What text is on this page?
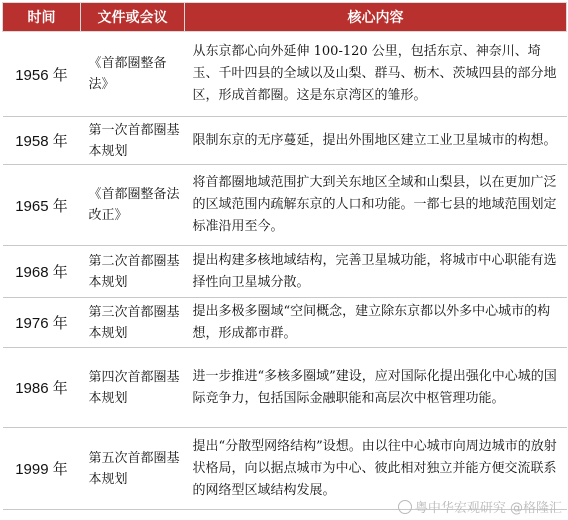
时间	文件或会议	核心内容
1956 年	《首都圈整备法》	从东京都心向外延伸 100-120 公里，包括东京、神奈川、埼玉、千叶四县的全域以及山梨、群马、枥木、茨城四县的部分地区，形成首都圈。这是东京湾区的雏形。
1958 年	第一次首都圈基本规划	限制东京的无序蔓延，提出外围地区建立工业卫星城市的构想。
1965 年	《首都圈整备法改正》	将首都圈地域范围扩大到关东地区全域和山梨县，以在更加广泛的区域范围内疏解东京的人口和功能。一都七县的地域范围划定标准沿用至今。
1968 年	第二次首都圈基本规划	提出构建多核地域结构，完善卫星城功能，将城市中心职能有选择性向卫星城分散。
1976 年	第三次首都圈基本规划	提出多极多圈域“空间概念，建立除东京都以外多中心城市的构想，形成都市群。
1986 年	第四次首都圈基本规划	进一步推进“多核多圈域”建设，应对国际化提出强化中心城的国际竞争力，包括国际金融职能和高层次中枢管理功能。
1999 年	第五次首都圈基本规划	提出“分散型网络结构”设想。由以往中心城市向周边城市的放射状格局，向以据点城市为中心、彼此相对独立并能方便交流联系的网络型区域结构发展。
粤中华宏观研究 @格隆汇
